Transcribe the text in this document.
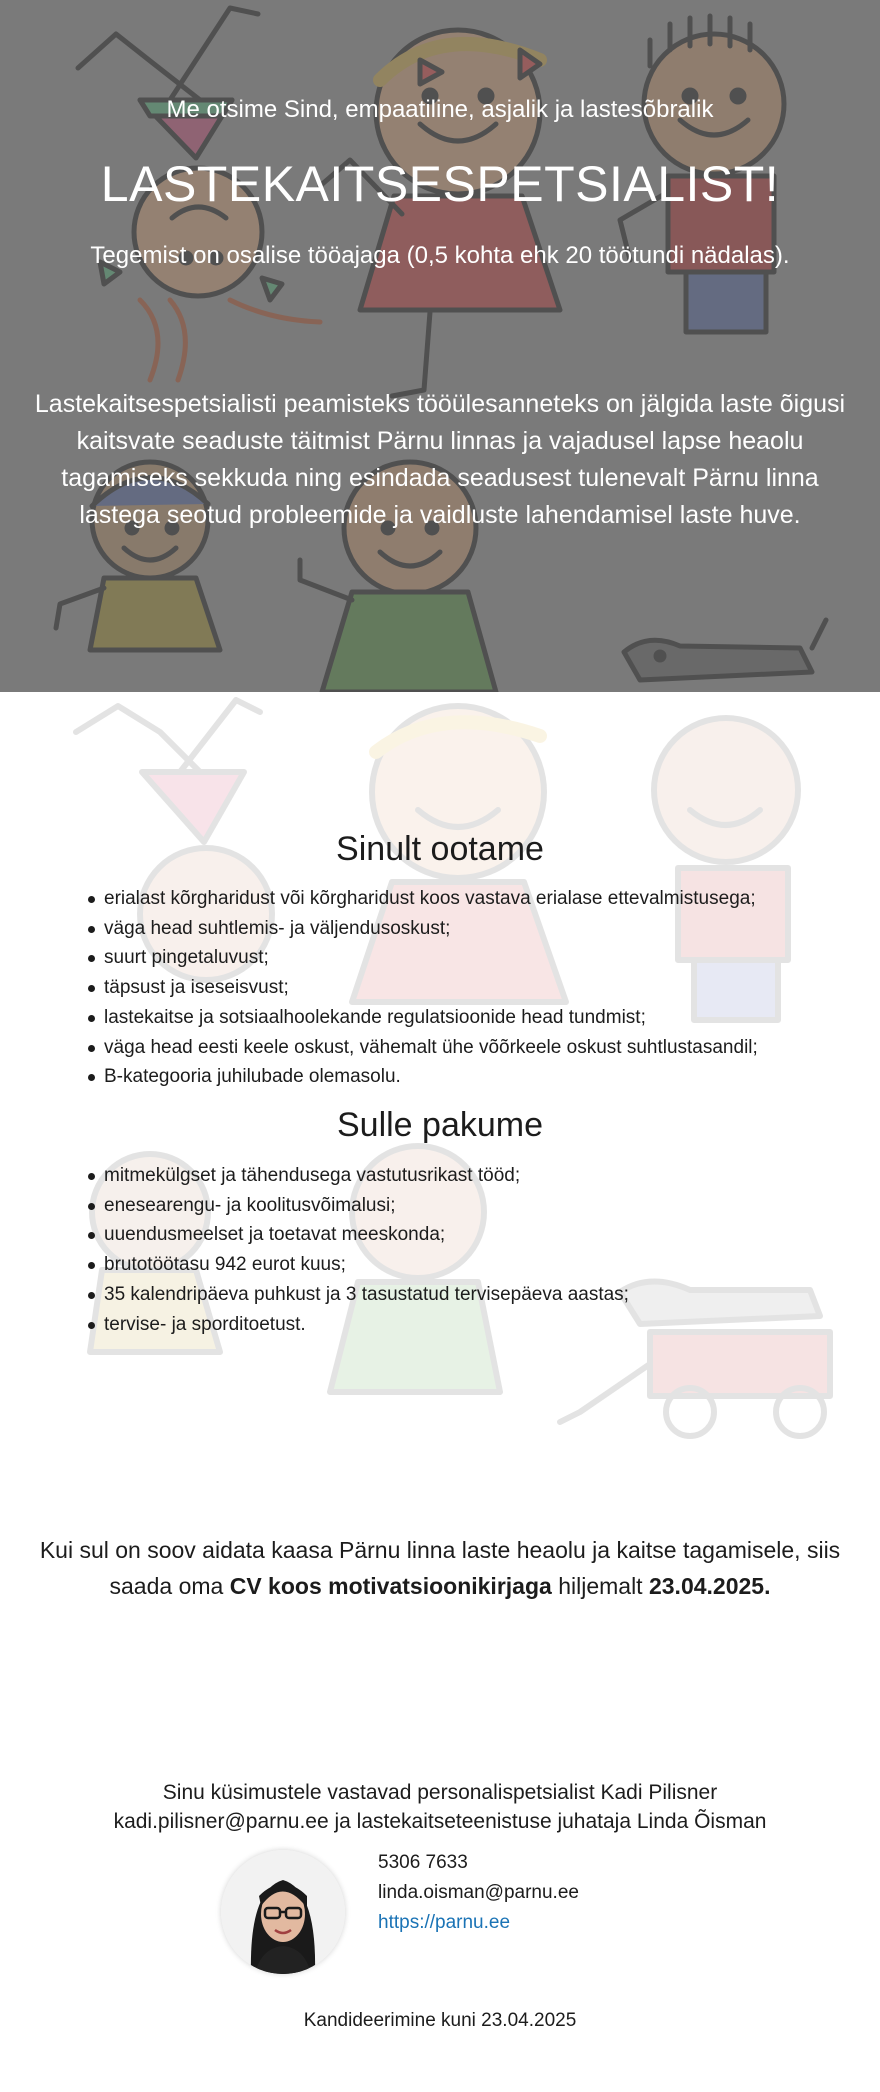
Me otsime Sind, empaatiline, asjalik ja lastesõbralik
LASTEKAITSESPETSIALIST!
Tegemist on osalise tööajaga (0,5 kohta ehk 20 töötundi nädalas).
Lastekaitsespetsialisti peamisteks tööülesanneteks on jälgida laste õigusi kaitsvate seaduste täitmist Pärnu linnas ja vajadusel lapse heaolu tagamiseks sekkuda ning esindada seadusest tulenevalt Pärnu linna lastega seotud probleemide ja vaidluste lahendamisel laste huve.
Sinult ootame
erialast kõrgharidust või kõrgharidust koos vastava erialase ettevalmistusega;
väga head suhtlemis- ja väljendusoskust;
suurt pingetaluvust;
täpsust ja iseseisvust;
lastekaitse ja sotsiaalhoolekande regulatsioonide head tundmist;
väga head eesti keele oskust, vähemalt ühe võõrkeele oskust suhtlustasandil;
B-kategooria juhilubade olemasolu.
Sulle pakume
mitmekülgset ja tähendusega vastutusrikast tööd;
enesearengu- ja koolitusvõimalusi;
uuendusmeelset ja toetavat meeskonda;
brutotöötasu 942 eurot kuus;
35 kalendripäeva puhkust ja 3 tasustatud tervisepäeva aastas;
tervise- ja sporditoetust.
Kui sul on soov aidata kaasa Pärnu linna laste heaolu ja kaitse tagamisele, siis saada oma CV koos motivatsioonikirjaga hiljemalt 23.04.2025.
Sinu küsimustele vastavad personalispetsialist Kadi Pilisner
kadi.pilisner@parnu.ee ja lastekaitseteenistuse juhataja Linda Õisman
5306 7633
linda.oisman@parnu.ee
https://parnu.ee
Kandideerimine kuni 23.04.2025
